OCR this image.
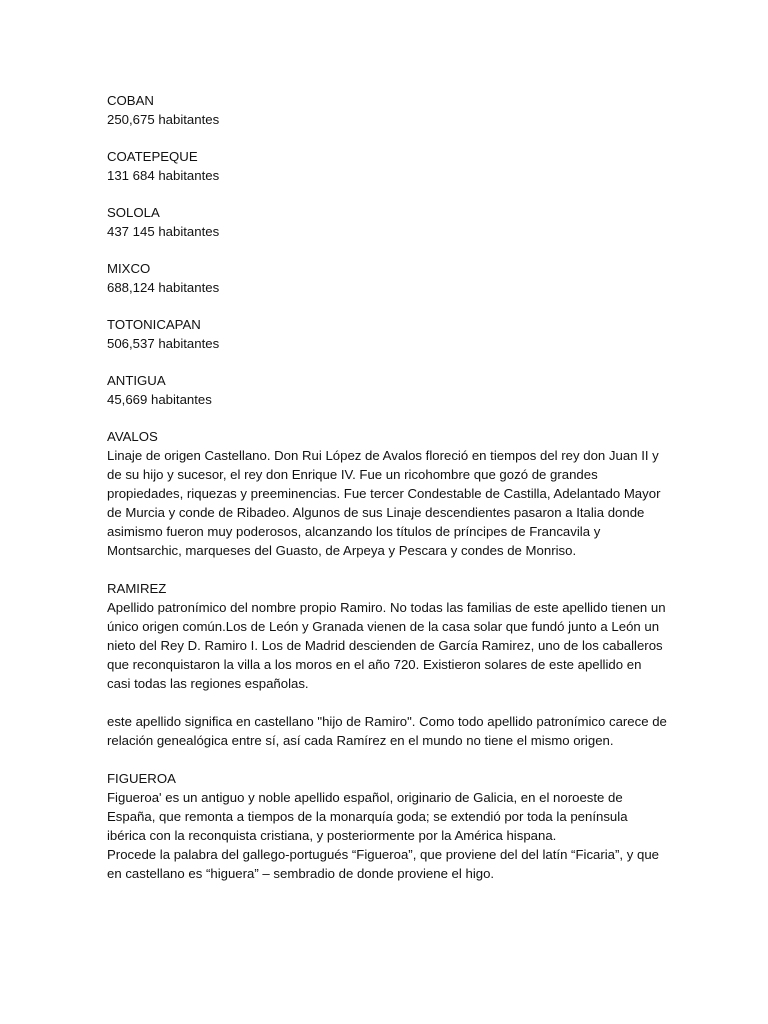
COBAN
250,675 habitantes
COATEPEQUE
131 684 habitantes
SOLOLA
437 145 habitantes
MIXCO
688,124 habitantes
TOTONICAPAN
506,537 habitantes
ANTIGUA
45,669 habitantes
AVALOS

Linaje de origen Castellano. Don Rui López de Avalos floreció en tiempos del rey don Juan II y de su hijo y sucesor, el rey don Enrique IV. Fue un ricohombre que gozó de grandes propiedades, riquezas y preeminencias. Fue tercer Condestable de Castilla, Adelantado Mayor de Murcia y conde de Ribadeo. Algunos de sus Linaje descendientes pasaron a Italia donde asimismo fueron muy poderosos, alcanzando los títulos de príncipes de Francavila y Montsarchic, marqueses del Guasto, de Arpeya y Pescara y condes de Monriso.

RAMIREZ

Apellido patronímico del nombre propio Ramiro. No todas las familias de este apellido tienen un único origen común.Los de León y Granada vienen de la casa solar que fundó junto a León un nieto del Rey D. Ramiro I. Los de Madrid descienden de García Ramirez, uno de los caballeros que reconquistaron la villa a los moros en el año 720. Existieron solares de este apellido en casi todas las regiones españolas.

este apellido significa en castellano "hijo de Ramiro". Como todo apellido patronímico carece de relación genealógica entre sí, así cada Ramírez en el mundo no tiene el mismo origen.

FIGUEROA

Figueroa' es un antiguo y noble apellido español, originario de Galicia, en el noroeste de España, que remonta a tiempos de la monarquía goda; se extendió por toda la península ibérica con la reconquista cristiana, y posteriormente por la América hispana.

Procede la palabra del gallego-portugués “Figueroa”, que proviene del del latín “Ficaria”, y que en castellano es “higuera” – sembradio de donde proviene el higo.
